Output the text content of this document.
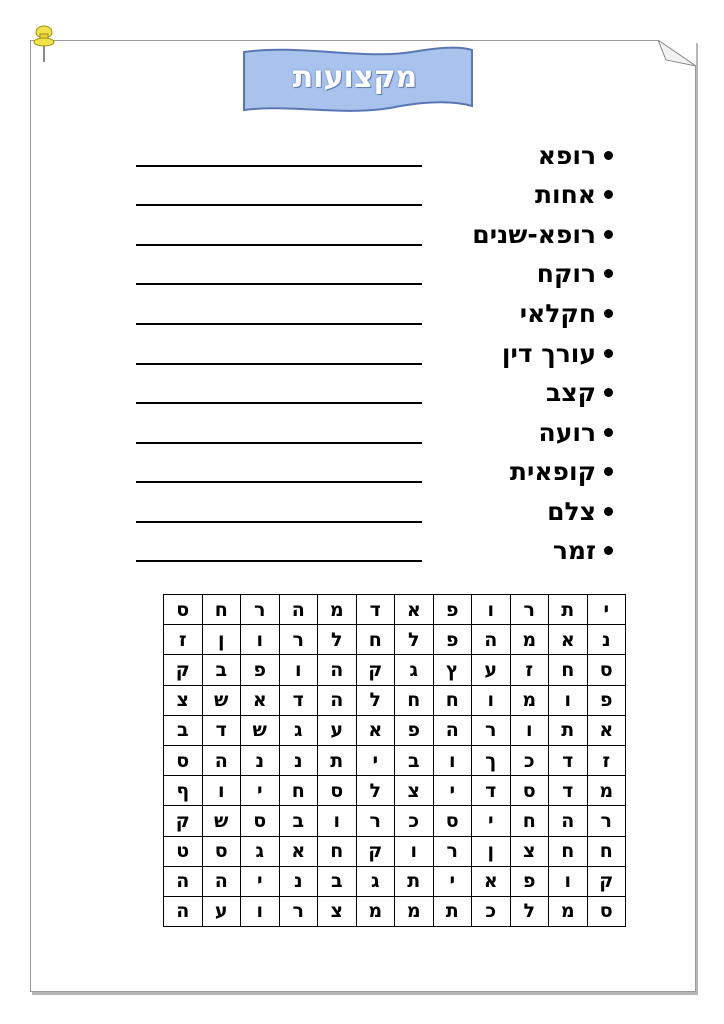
מקצועות
רופא
אחות
רופא-שנים
רוקח
חקלאי
עורך דין
קצב
רועה
קופאית
צלם
זמר
י	ת	ר	ו	פ	א	ד	מ	ה	ר	ח	ס
נ	א	מ	ה	פ	ל	ח	ל	ר	ו	ן	ז
ס	ח	ז	ע	ץ	ג	ק	ה	ו	פ	ב	ק
פ	ו	מ	ו	ח	ח	ל	ה	ד	א	ש	צ
א	ת	ו	ר	ה	פ	א	ע	ג	ש	ד	ב
ז	ד	כ	ך	ו	ב	י	ת	נ	נ	ה	ס
מ	ד	ס	ד	י	צ	ל	ס	ח	י	ו	ף
ר	ה	ח	י	ס	כ	ר	ו	ב	ס	ש	ק
ח	ח	צ	ן	ר	ו	ק	ח	א	ג	ס	ט
ק	ו	פ	א	י	ת	ג	ב	נ	י	ה	ה
ס	מ	ל	כ	ת	מ	מ	צ	ר	ו	ע	ה
